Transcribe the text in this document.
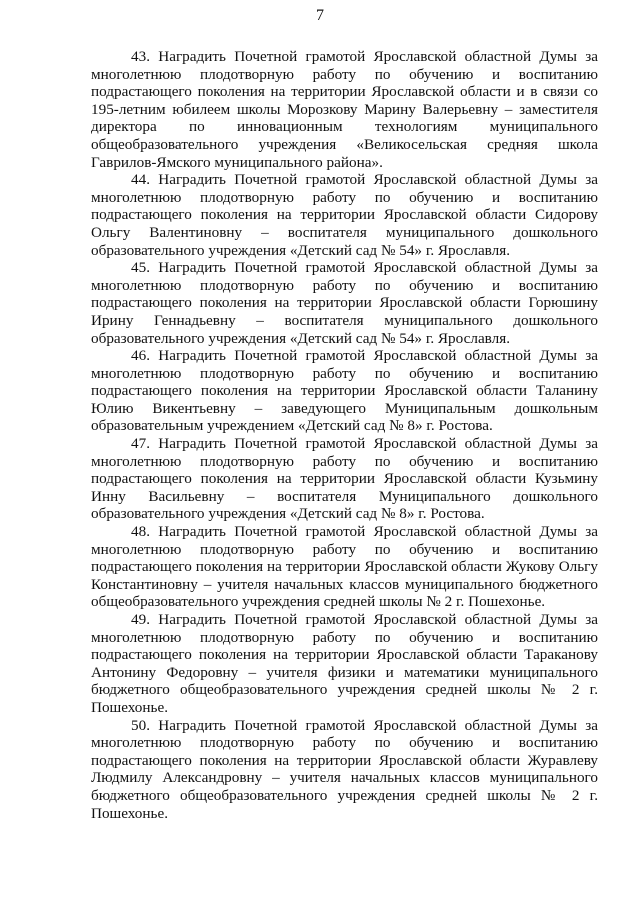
7

43. Наградить Почетной грамотой Ярославской областной Думы за многолетнюю плодотворную работу по обучению и воспитанию подрастающего поколения на территории Ярославской области и в связи со 195-летним юбилеем школы Морозкову Марину Валерьевну – заместителя директора по инновационным технологиям муниципального общеобразовательного учреждения «Великосельская средняя школа Гаврилов-Ямского муниципального района».

44. Наградить Почетной грамотой Ярославской областной Думы за многолетнюю плодотворную работу по обучению и воспитанию подрастающего поколения на территории Ярославской области Сидорову Ольгу Валентиновну – воспитателя муниципального дошкольного образовательного учреждения «Детский сад № 54» г. Ярославля.

45. Наградить Почетной грамотой Ярославской областной Думы за многолетнюю плодотворную работу по обучению и воспитанию подрастающего поколения на территории Ярославской области Горюшину Ирину Геннадьевну – воспитателя муниципального дошкольного образовательного учреждения «Детский сад № 54» г. Ярославля.

46. Наградить Почетной грамотой Ярославской областной Думы за многолетнюю плодотворную работу по обучению и воспитанию подрастающего поколения на территории Ярославской области Таланину Юлию Викентьевну – заведующего Муниципальным дошкольным образовательным учреждением «Детский сад № 8» г. Ростова.

47. Наградить Почетной грамотой Ярославской областной Думы за многолетнюю плодотворную работу по обучению и воспитанию подрастающего поколения на территории Ярославской области Кузьмину Инну Васильевну – воспитателя Муниципального дошкольного образовательного учреждения «Детский сад № 8» г. Ростова.

48. Наградить Почетной грамотой Ярославской областной Думы за многолетнюю плодотворную работу по обучению и воспитанию подрастающего поколения на территории Ярославской области Жукову Ольгу Константиновну – учителя начальных классов муниципального бюджетного общеобразовательного учреждения средней школы № 2 г. Пошехонье.

49. Наградить Почетной грамотой Ярославской областной Думы за многолетнюю плодотворную работу по обучению и воспитанию подрастающего поколения на территории Ярославской области Тараканову Антонину Федоровну – учителя физики и математики муниципального бюджетного общеобразовательного учреждения средней школы № 2 г. Пошехонье.

50. Наградить Почетной грамотой Ярославской областной Думы за многолетнюю плодотворную работу по обучению и воспитанию подрастающего поколения на территории Ярославской области Журавлеву Людмилу Александровну – учителя начальных классов муниципального бюджетного общеобразовательного учреждения средней школы № 2 г. Пошехонье.
